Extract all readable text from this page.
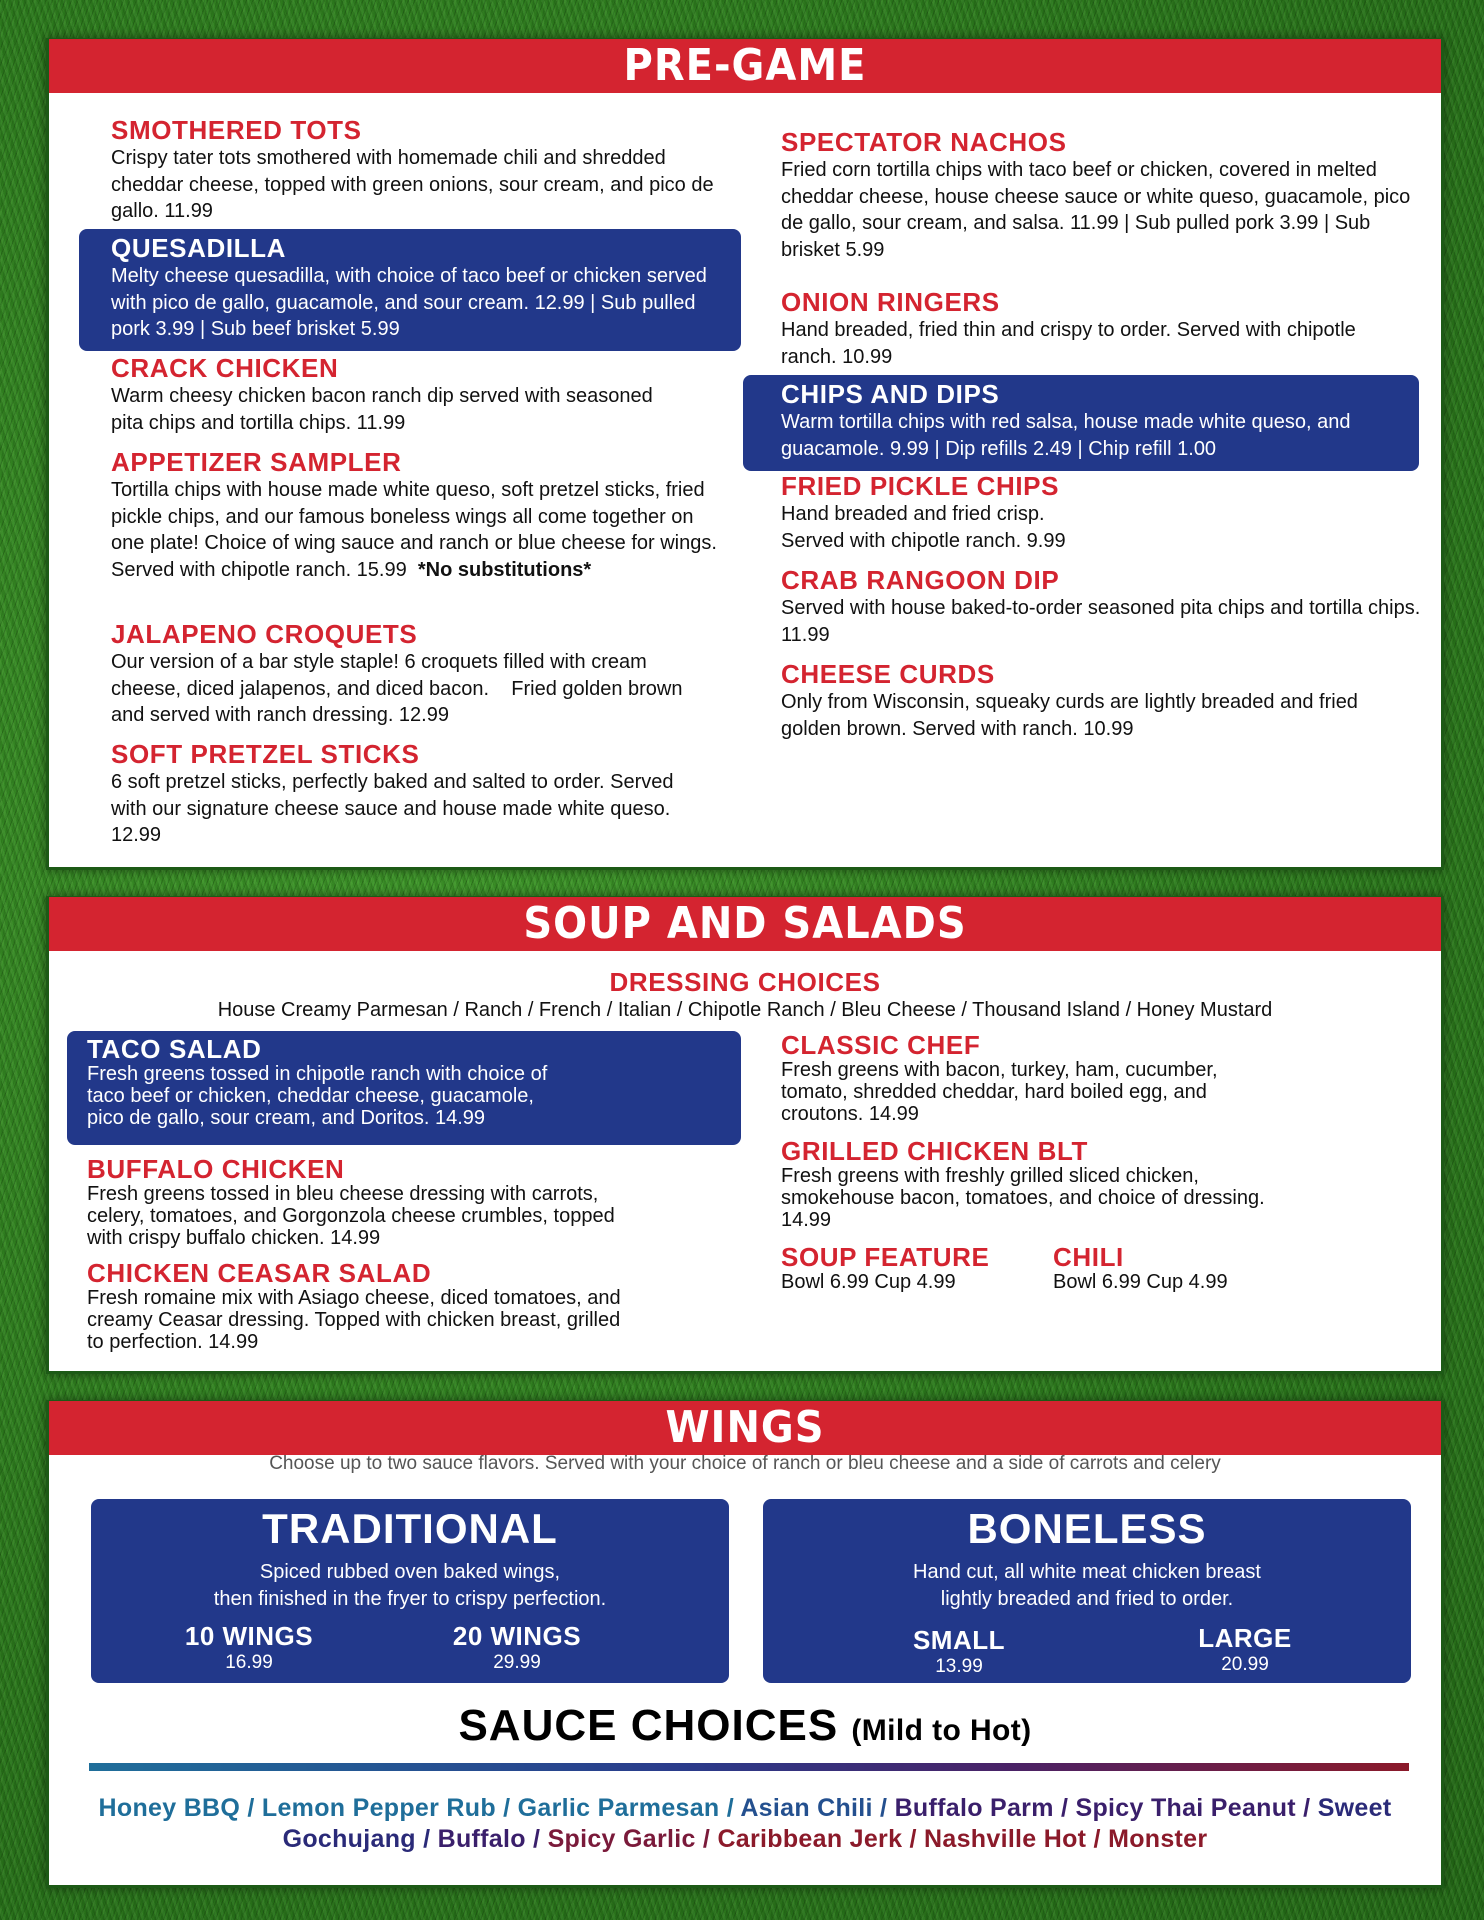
PRE-GAME
SMOTHERED TOTS
Crispy tater tots smothered with homemade chili and shredded cheddar cheese, topped with green onions, sour cream, and pico de gallo. 11.99
QUESADILLA
Melty cheese quesadilla, with choice of taco beef or chicken served with pico de gallo, guacamole, and sour cream. 12.99 | Sub pulled pork 3.99 | Sub beef brisket 5.99
CRACK CHICKEN
Warm cheesy chicken bacon ranch dip served with seasoned pita chips and tortilla chips. 11.99
APPETIZER SAMPLER
Tortilla chips with house made white queso, soft pretzel sticks, fried pickle chips, and our famous boneless wings all come together on one plate! Choice of wing sauce and ranch or blue cheese for wings. Served with chipotle ranch. 15.99 *No substitutions*
JALAPENO CROQUETS
Our version of a bar style staple! 6 croquets filled with cream cheese, diced jalapenos, and diced bacon.    Fried golden brown and served with ranch dressing. 12.99
SOFT PRETZEL STICKS
6 soft pretzel sticks, perfectly baked and salted to order. Served with our signature cheese sauce and house made white queso.  12.99
SPECTATOR NACHOS
Fried corn tortilla chips with taco beef or chicken, covered in melted cheddar cheese, house cheese sauce or white queso, guacamole, pico de gallo, sour cream, and salsa. 11.99 | Sub pulled pork 3.99 | Sub brisket 5.99
ONION RINGERS
Hand breaded, fried thin and crispy to order. Served with chipotle ranch. 10.99
CHIPS AND DIPS
Warm tortilla chips with red salsa, house made white queso, and guacamole. 9.99 | Dip refills 2.49 | Chip refill 1.00
FRIED PICKLE CHIPS
Hand breaded and fried crisp.
Served with chipotle ranch. 9.99
CRAB RANGOON DIP
Served with house baked-to-order seasoned pita chips and tortilla chips. 11.99
CHEESE CURDS
Only from Wisconsin, squeaky curds are lightly breaded and fried golden brown. Served with ranch. 10.99
SOUP AND SALADS
DRESSING CHOICES
House Creamy Parmesan / Ranch / French / Italian / Chipotle Ranch / Bleu Cheese / Thousand Island / Honey Mustard
TACO SALAD
Fresh greens tossed in chipotle ranch with choice of
taco beef or chicken, cheddar cheese, guacamole,
pico de gallo, sour cream, and Doritos. 14.99
BUFFALO CHICKEN
Fresh greens tossed in bleu cheese dressing with carrots,
celery, tomatoes, and Gorgonzola cheese crumbles, topped
with crispy buffalo chicken. 14.99
CHICKEN CEASAR SALAD
Fresh romaine mix with Asiago cheese, diced tomatoes, and
creamy Ceasar dressing. Topped with chicken breast, grilled
to perfection. 14.99
CLASSIC CHEF
Fresh greens with bacon, turkey, ham, cucumber,
tomato, shredded cheddar, hard boiled egg, and
croutons. 14.99
GRILLED CHICKEN BLT
Fresh greens with freshly grilled sliced chicken,
smokehouse bacon, tomatoes, and choice of dressing.
14.99
SOUP FEATURE
Bowl 6.99 Cup 4.99
CHILI
Bowl 6.99 Cup 4.99
WINGS
Choose up to two sauce flavors. Served with your choice of ranch or bleu cheese and a side of carrots and celery
TRADITIONAL
Spiced rubbed oven baked wings,
then finished in the fryer to crispy perfection.
10 WINGS
16.99
20 WINGS
29.99
BONELESS
Hand cut, all white meat chicken breast
lightly breaded and fried to order.
SMALL
13.99
LARGE
20.99
SAUCE CHOICES (Mild to Hot)
Honey BBQ / Lemon Pepper Rub / Garlic Parmesan / Asian Chili / Buffalo Parm / Spicy Thai Peanut / Sweet Gochujang / Buffalo / Spicy Garlic / Caribbean Jerk / Nashville Hot / Monster
